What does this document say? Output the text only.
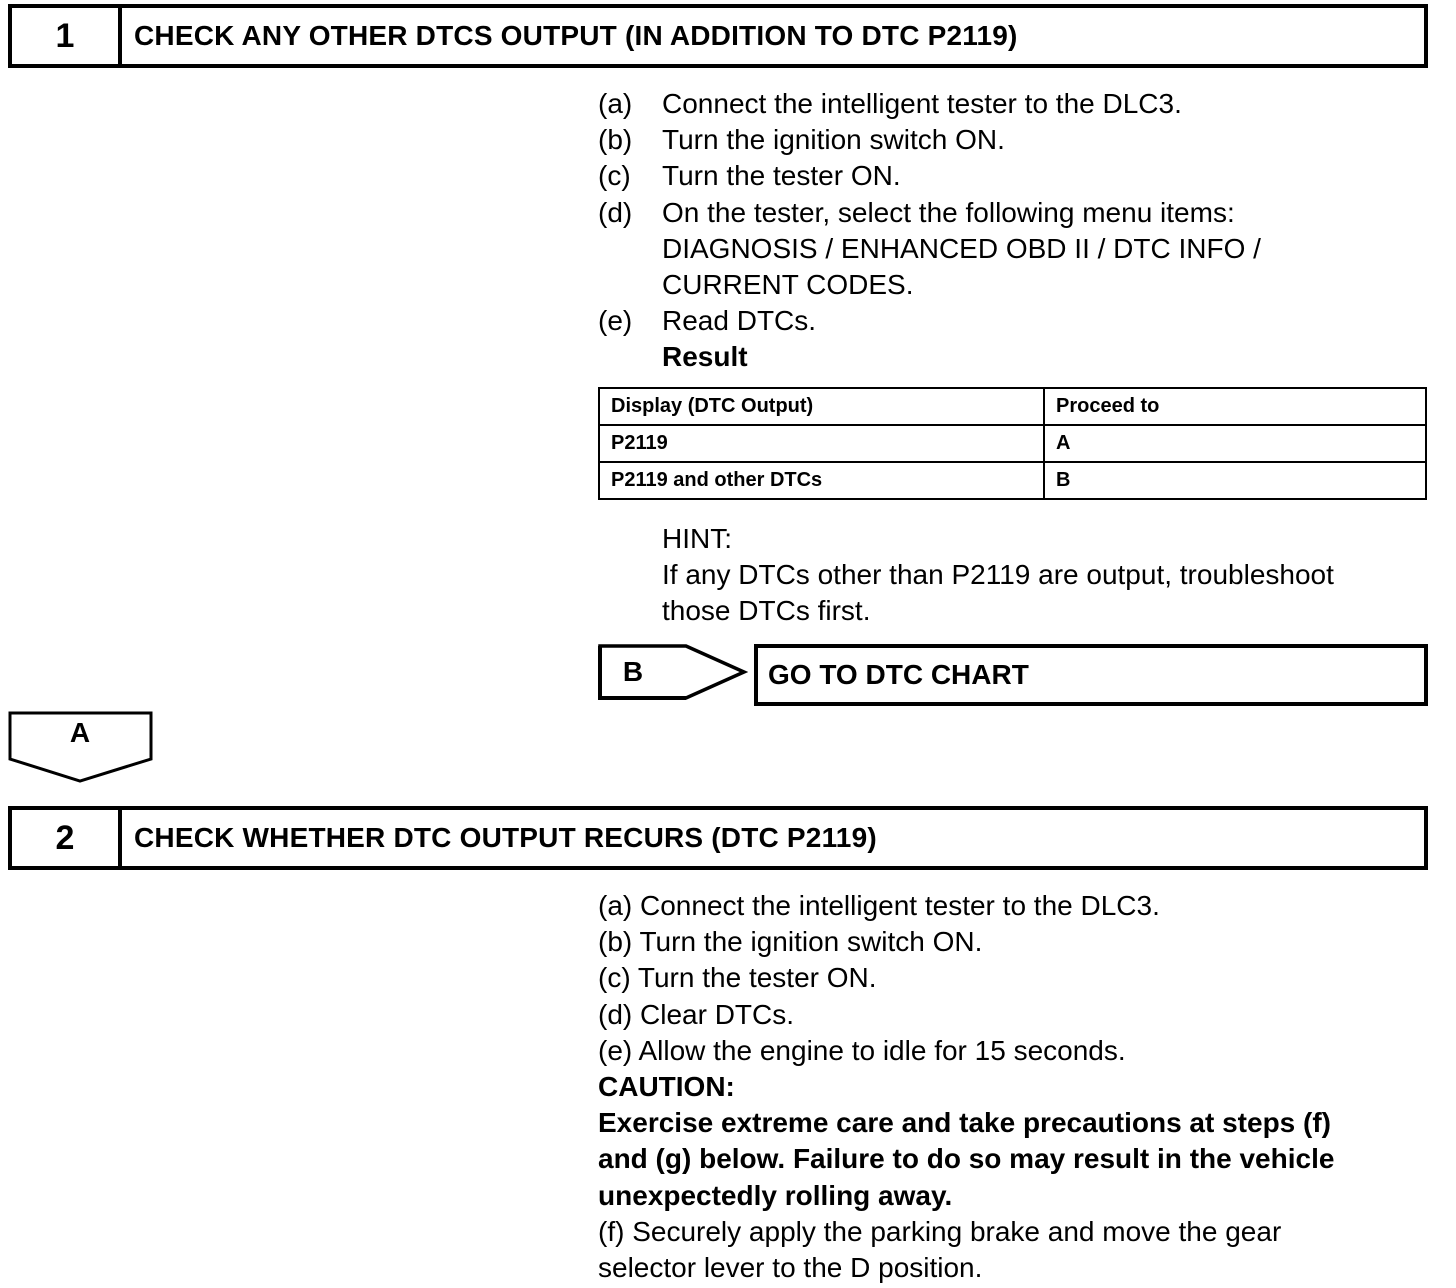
1	CHECK ANY OTHER DTCS OUTPUT (IN ADDITION TO DTC P2119)
(a)	Connect the intelligent tester to the DLC3.
(b)	Turn the ignition switch ON.
(c)	Turn the tester ON.
(d)	On the tester, select the following menu items:
DIAGNOSIS / ENHANCED OBD II / DTC INFO /
CURRENT CODES.
(e)	Read DTCs.
Result
Display (DTC Output)	Proceed to
P2119	A
P2119 and other DTCs	B
HINT:
If any DTCs other than P2119 are output, troubleshoot
those DTCs first.
B	GO TO DTC CHART
A
2	CHECK WHETHER DTC OUTPUT RECURS (DTC P2119)
(a) Connect the intelligent tester to the DLC3.
(b) Turn the ignition switch ON.
(c) Turn the tester ON.
(d) Clear DTCs.
(e) Allow the engine to idle for 15 seconds.
CAUTION:
Exercise extreme care and take precautions at steps (f)
and (g) below. Failure to do so may result in the vehicle
unexpectedly rolling away.
(f) Securely apply the parking brake and move the gear
selector lever to the D position.
